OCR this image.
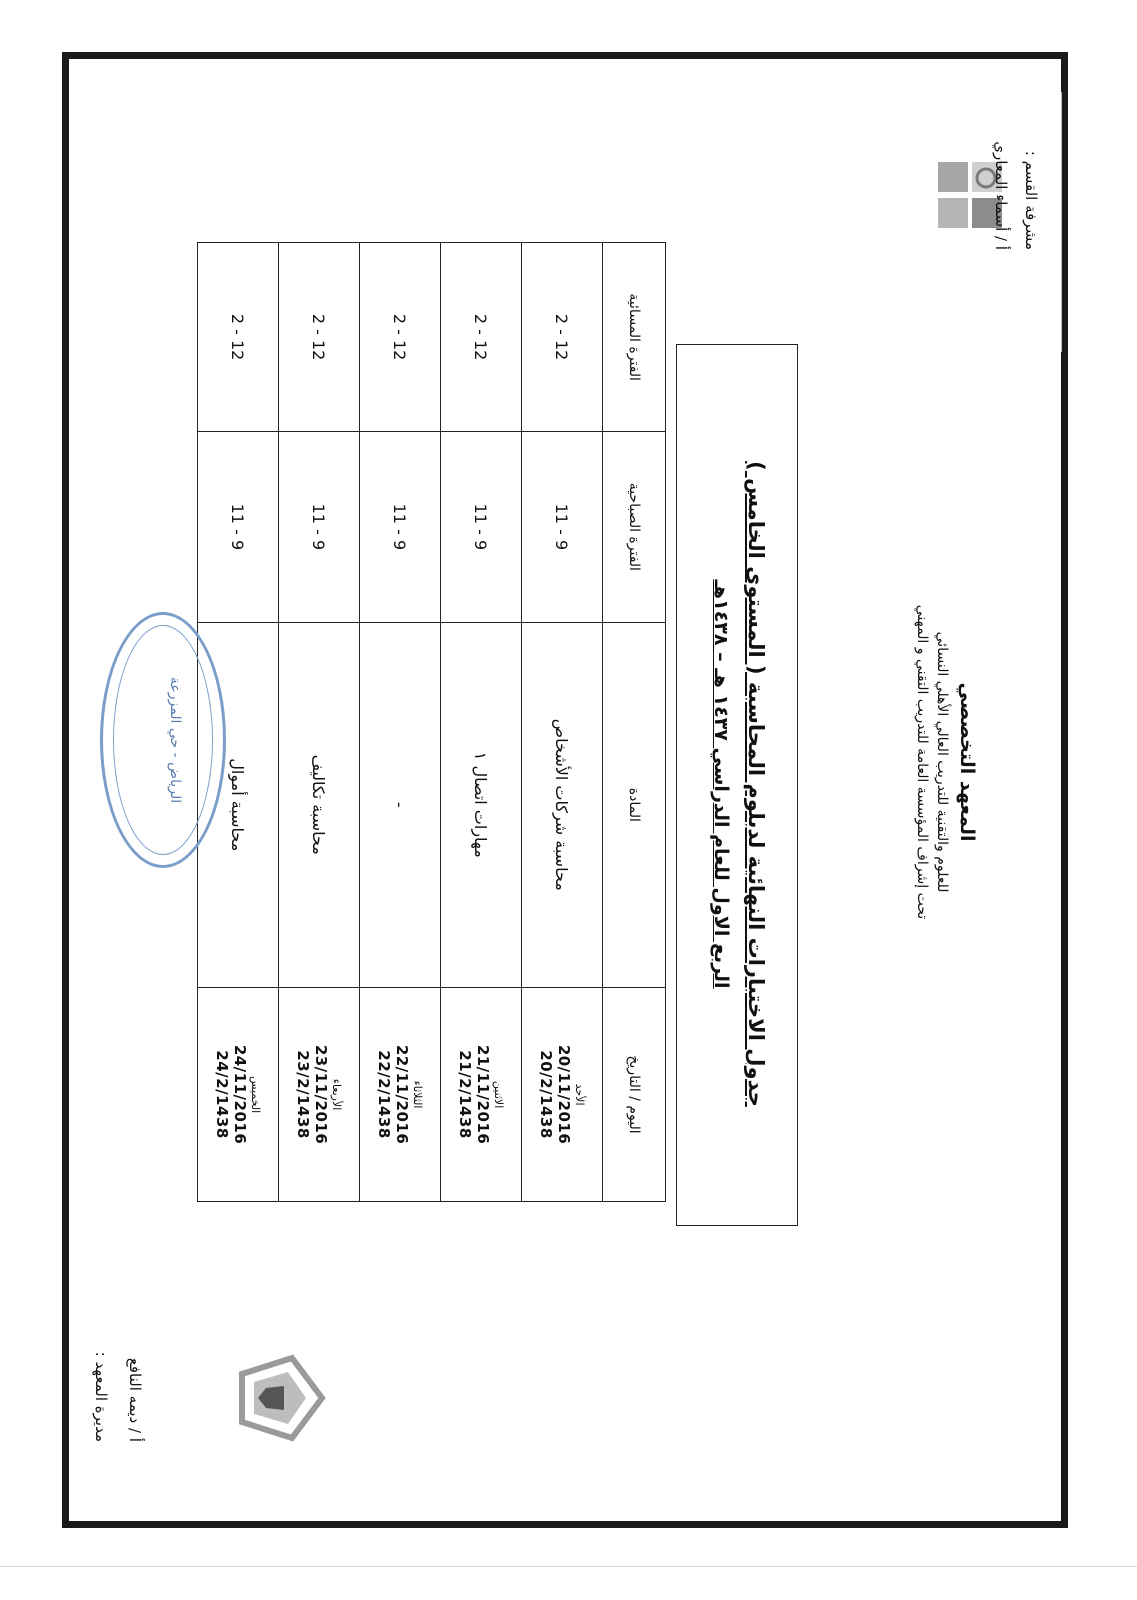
المعهد التخصصي
للعلوم والتقنية للتدريب العالي الأهلي النسائي
تحت إشراف المؤسسة العامة للتدريب التقني و المهني
مشرفة القسم :
أ / أسماء المعاري
جدول الاختبارات النهائية لدبلوم المحاسبة ( المستوى الخامس )
الربع الاول للعام الدراسي ١٤٣٧ هـ – ١٤٣٨هـ
اليوم / التاريخ	المادة	الفترة الصباحية	الفترة المسائية

الأحد
20/11/2016
20/2/1438	محاسبة شركات الأشخاص	9 - 11	12 - 2

الاثنين
21/11/2016
21/2/1438	مهارات اتصال ١	9 - 11	12 - 2

الثلاثاء
22/11/2016
22/2/1438	-	9 - 11	12 - 2

الأربعاء
23/11/2016
23/2/1438	محاسبة تكاليف	9 - 11	12 - 2

الخميس
24/11/2016
24/2/1438	محاسبة أموال	9 - 11	12 - 2
الرياض - حي المزرعة
مديرة المعهد : أ / ديمه النافع
